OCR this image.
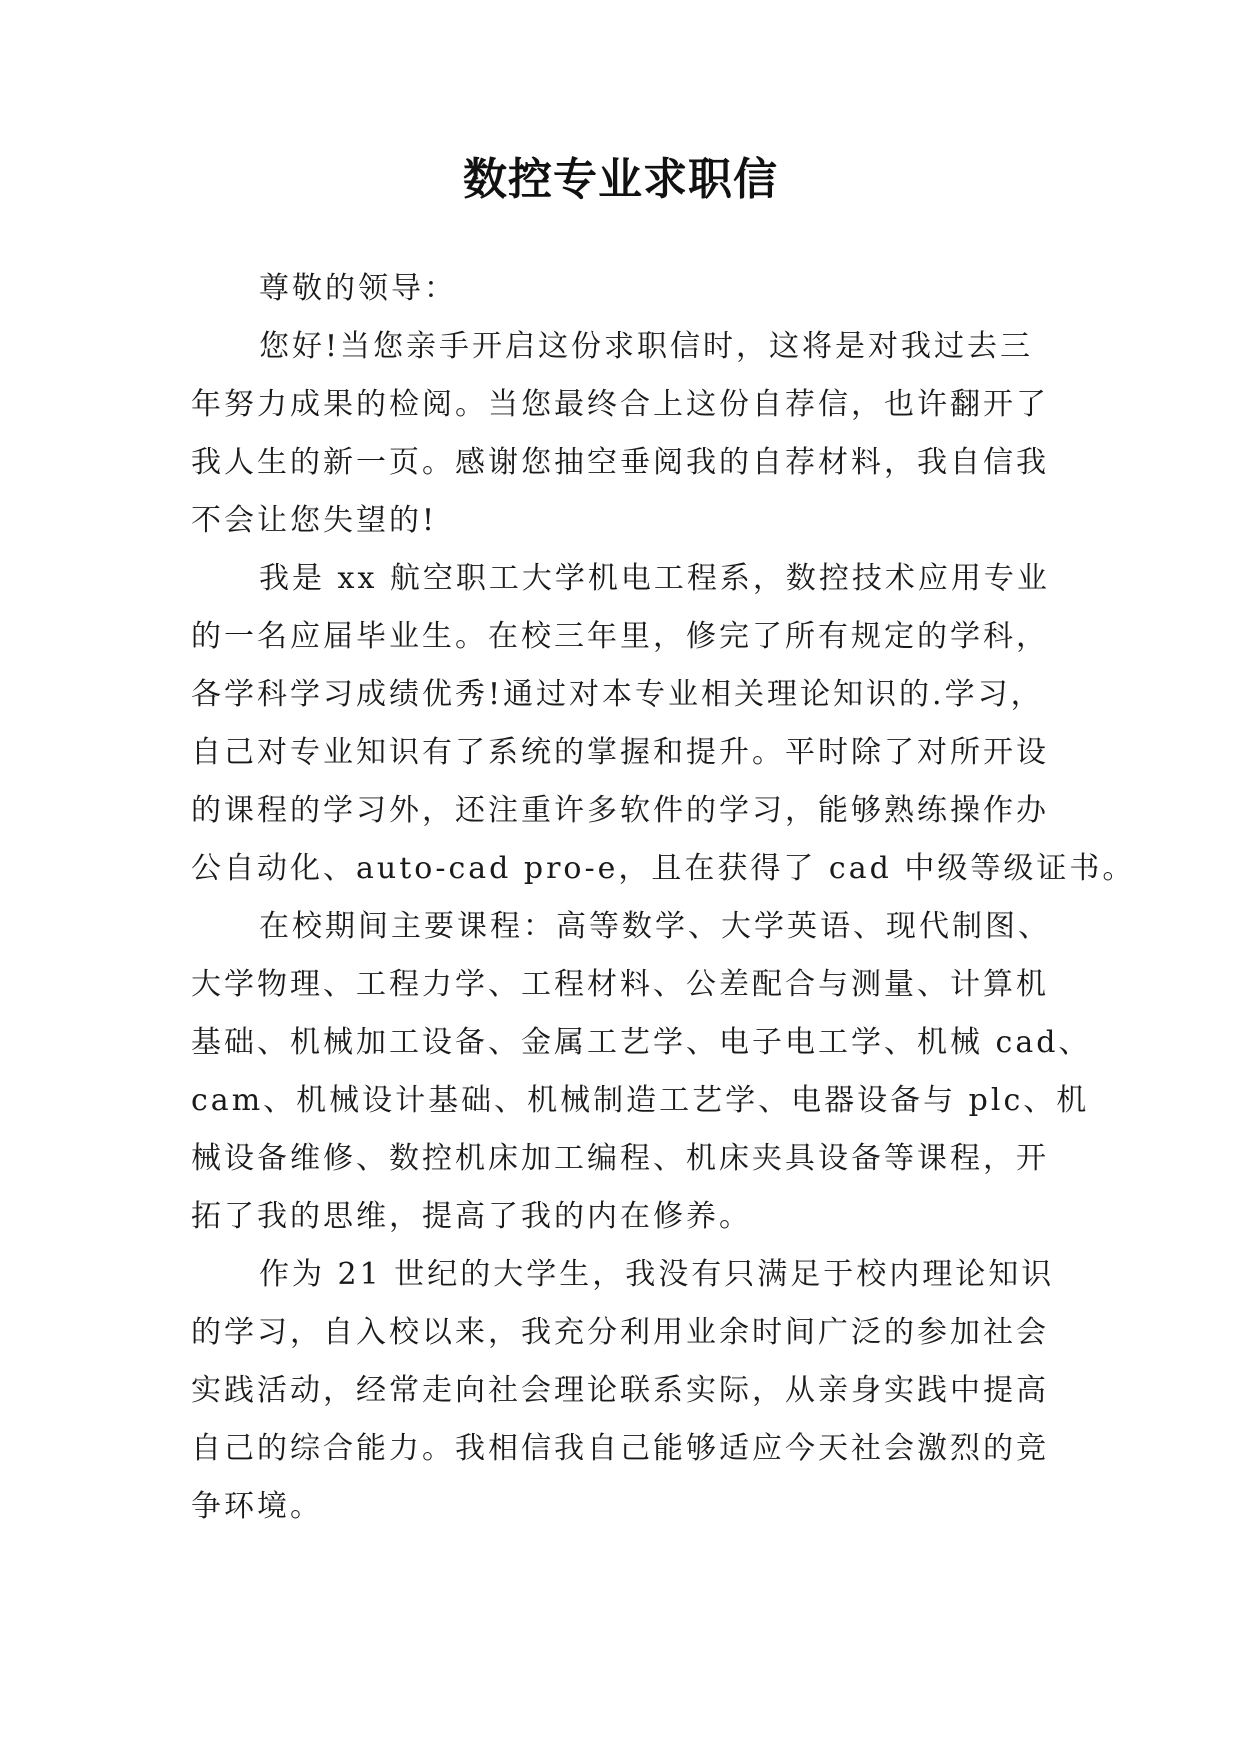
数控专业求职信
尊敬的领导：
您好!当您亲手开启这份求职信时，这将是对我过去三
年努力成果的检阅。当您最终合上这份自荐信，也许翻开了
我人生的新一页。感谢您抽空垂阅我的自荐材料，我自信我
不会让您失望的!
我是 xx 航空职工大学机电工程系，数控技术应用专业
的一名应届毕业生。在校三年里，修完了所有规定的学科，
各学科学习成绩优秀!通过对本专业相关理论知识的.学习，
自己对专业知识有了系统的掌握和提升。平时除了对所开设
的课程的学习外，还注重许多软件的学习，能够熟练操作办
公自动化、auto-cad pro-e，且在获得了 cad 中级等级证书。
在校期间主要课程：高等数学、大学英语、现代制图、
大学物理、工程力学、工程材料、公差配合与测量、计算机
基础、机械加工设备、金属工艺学、电子电工学、机械 cad、
cam、机械设计基础、机械制造工艺学、电器设备与 plc、机
械设备维修、数控机床加工编程、机床夹具设备等课程，开
拓了我的思维，提高了我的内在修养。
作为 21 世纪的大学生，我没有只满足于校内理论知识
的学习，自入校以来，我充分利用业余时间广泛的参加社会
实践活动，经常走向社会理论联系实际，从亲身实践中提高
自己的综合能力。我相信我自己能够适应今天社会激烈的竞
争环境。
